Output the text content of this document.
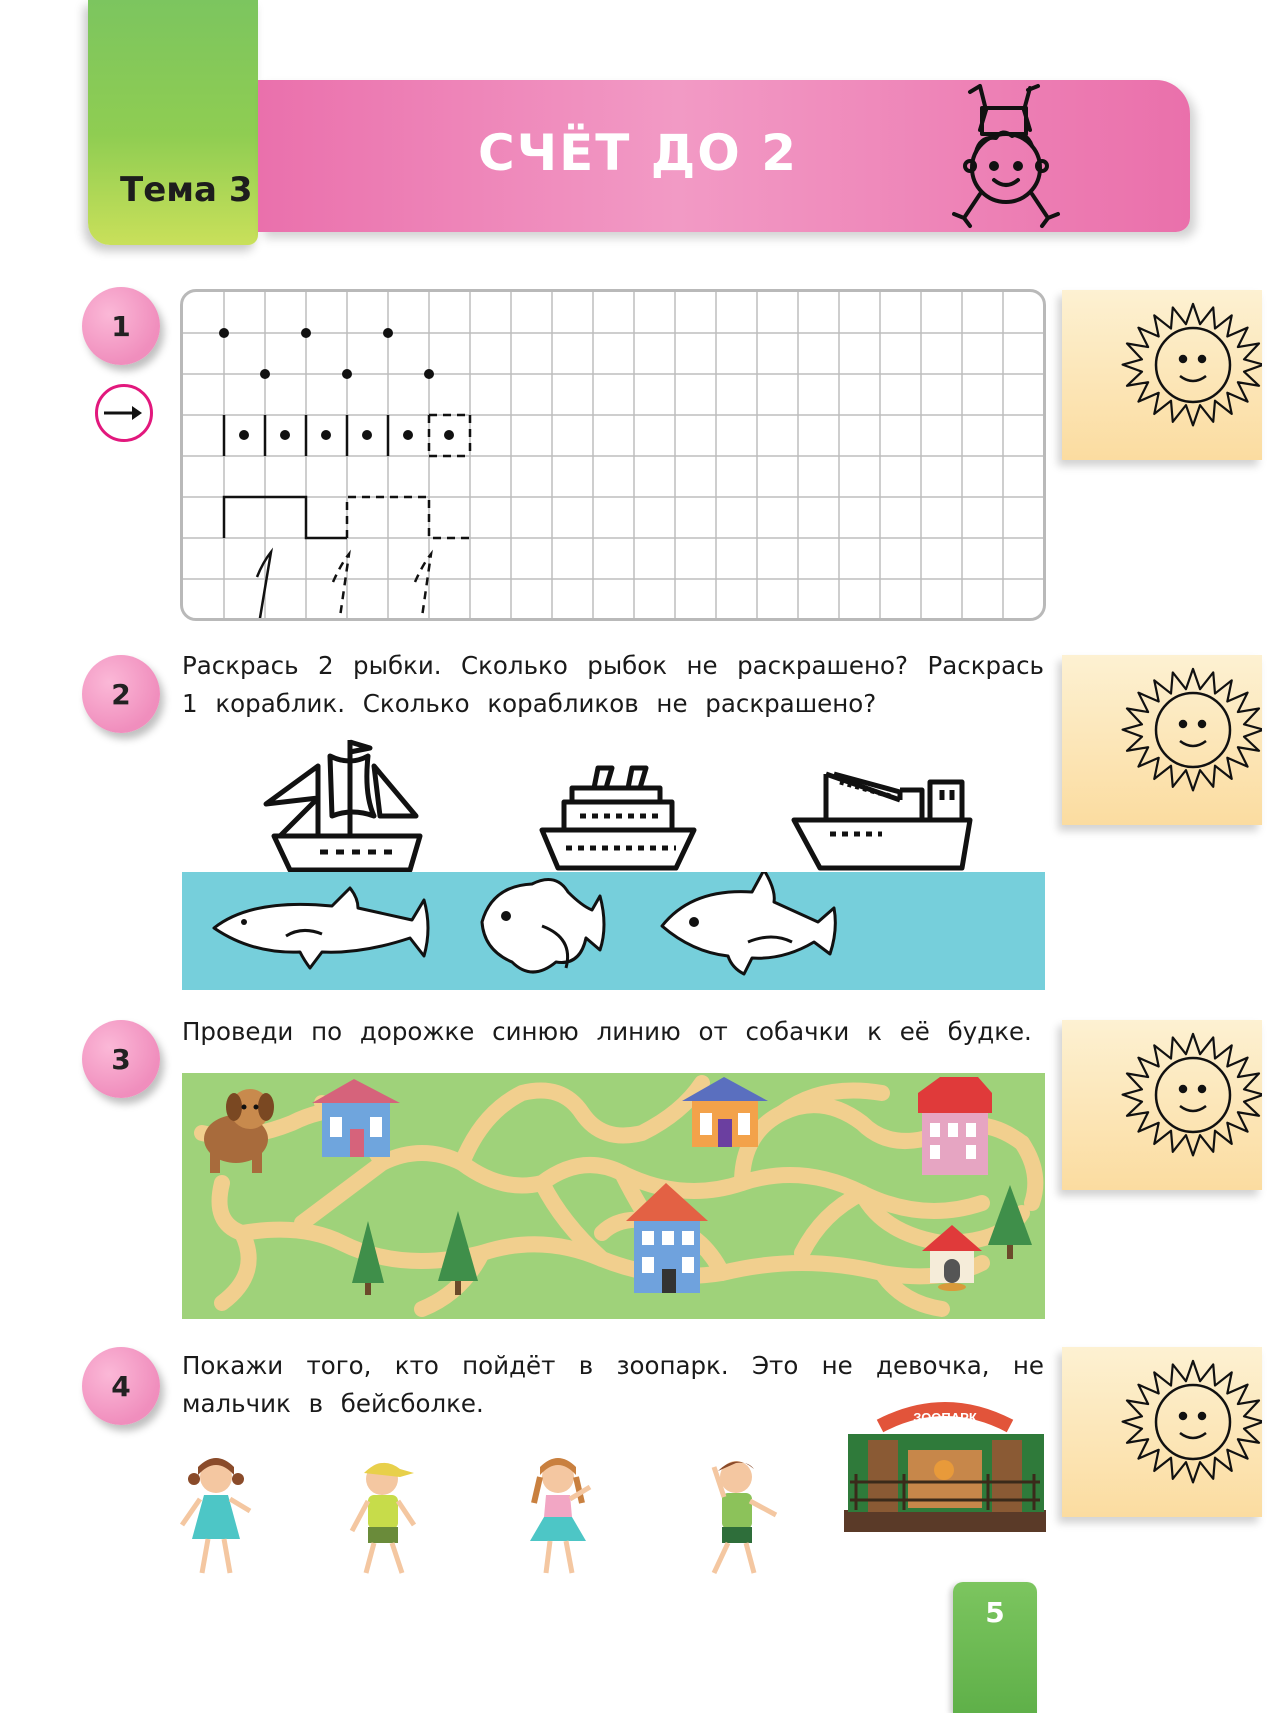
Тема 3
СЧЁТ ДО 2
1
2
3
4
Раскрась 2 рыбки. Сколько рыбок не раскрашено? Раскрась 1 кораблик. Сколько корабликов не раскрашено?
Проведи по дорожке синюю линию от собачки к её будке.
Покажи того, кто пойдёт в зоопарк. Это не девочка, не мальчик в бейсболке.	ЗООПАРК
5
